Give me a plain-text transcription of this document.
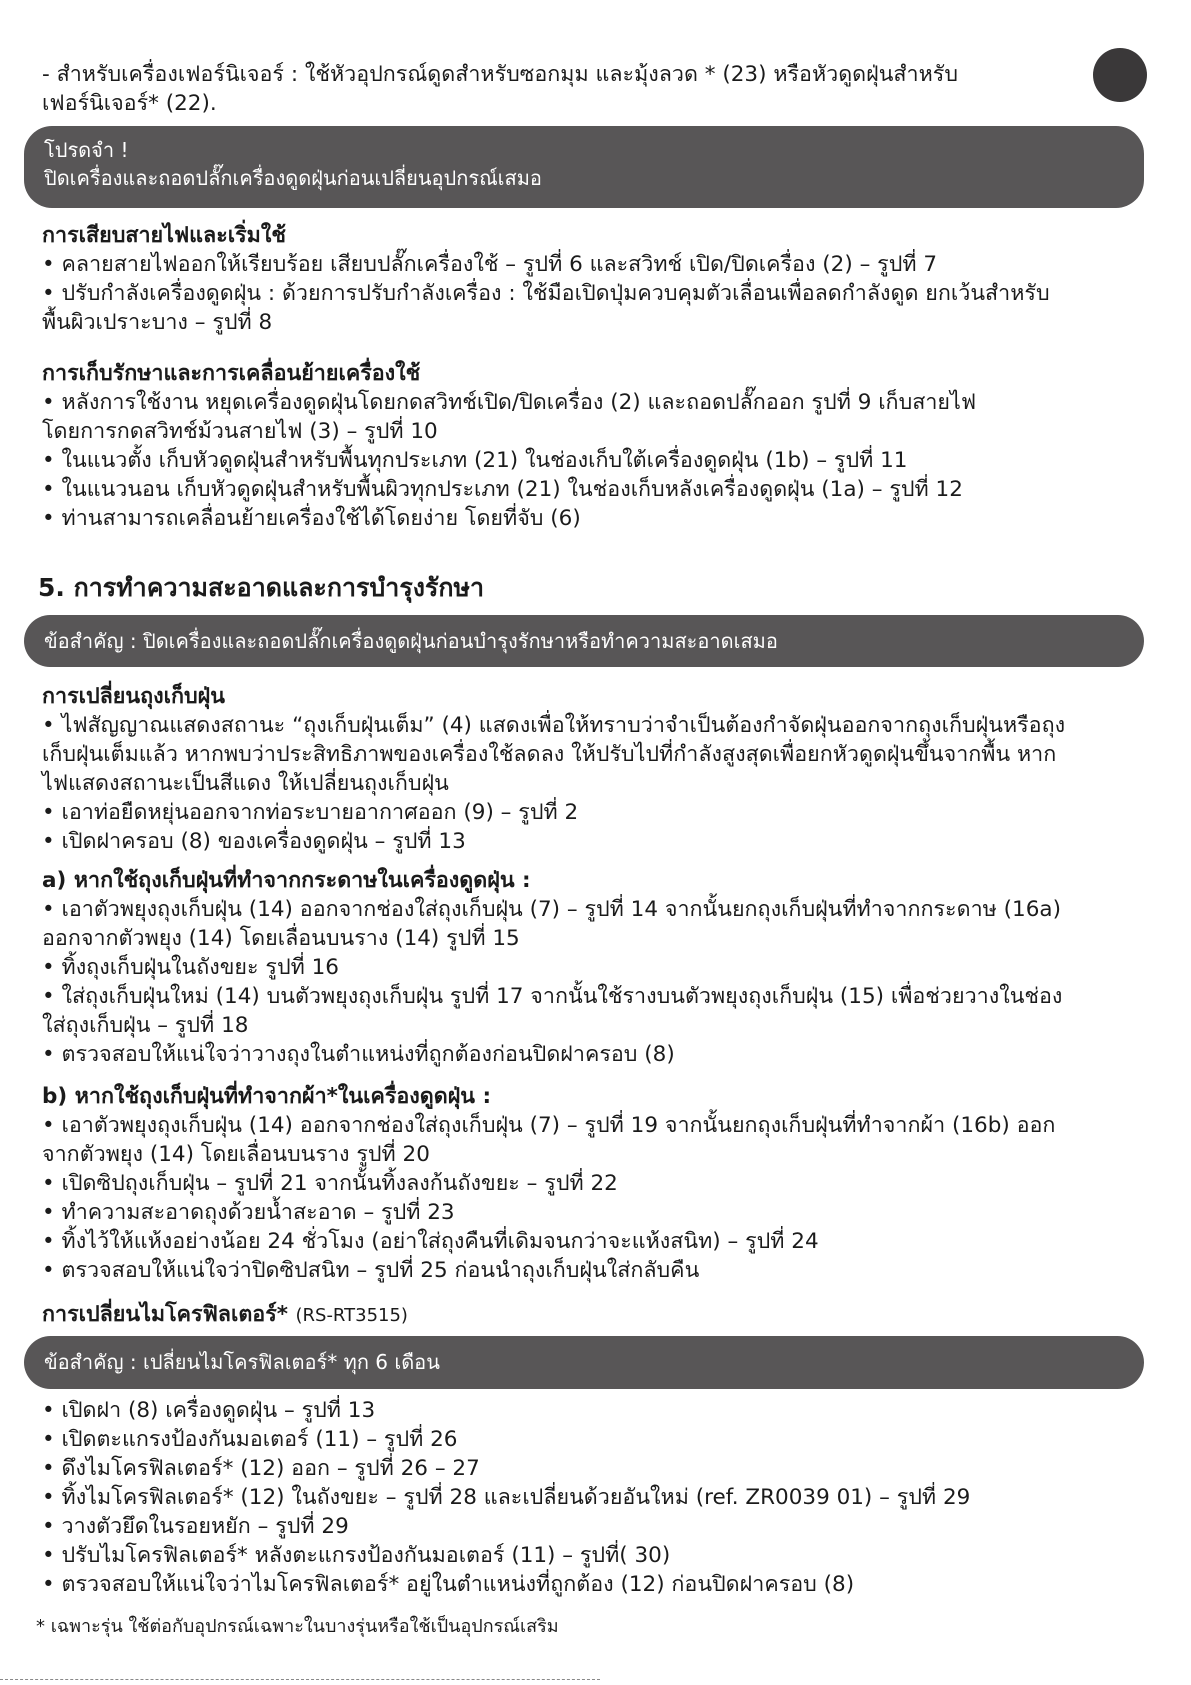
- สำหรับเครื่องเฟอร์นิเจอร์ : ใช้หัวอุปกรณ์ดูดสำหรับซอกมุม และมุ้งลวด * (23) หรือหัวดูดฝุ่นสำหรับ

เฟอร์นิเจอร์* (22).

โปรดจำ !
ปิดเครื่องและถอดปลั๊กเครื่องดูดฝุ่นก่อนเปลี่ยนอุปกรณ์เสมอ

การเสียบสายไฟและเริ่มใช้

• คลายสายไฟออกให้เรียบร้อย เสียบปลั๊กเครื่องใช้ – รูปที่ 6 และสวิทช์ เปิด/ปิดเครื่อง (2) – รูปที่ 7

• ปรับกำลังเครื่องดูดฝุ่น : ด้วยการปรับกำลังเครื่อง : ใช้มือเปิดปุ่มควบคุมตัวเลื่อนเพื่อลดกำลังดูด ยกเว้นสำหรับ

พื้นผิวเปราะบาง – รูปที่ 8

การเก็บรักษาและการเคลื่อนย้ายเครื่องใช้

• หลังการใช้งาน หยุดเครื่องดูดฝุ่นโดยกดสวิทช์เปิด/ปิดเครื่อง (2) และถอดปลั๊กออก รูปที่ 9 เก็บสายไฟ

โดยการกดสวิทช์ม้วนสายไฟ (3) – รูปที่ 10

• ในแนวตั้ง เก็บหัวดูดฝุ่นสำหรับพื้นทุกประเภท (21) ในช่องเก็บใต้เครื่องดูดฝุ่น (1b) – รูปที่ 11

• ในแนวนอน เก็บหัวดูดฝุ่นสำหรับพื้นผิวทุกประเภท (21) ในช่องเก็บหลังเครื่องดูดฝุ่น (1a) – รูปที่ 12

• ท่านสามารถเคลื่อนย้ายเครื่องใช้ได้โดยง่าย โดยที่จับ (6)

5. การทำความสะอาดและการบำรุงรักษา

ข้อสำคัญ : ปิดเครื่องและถอดปลั๊กเครื่องดูดฝุ่นก่อนบำรุงรักษาหรือทำความสะอาดเสมอ

การเปลี่ยนถุงเก็บฝุ่น

• ไฟสัญญาณแสดงสถานะ “ถุงเก็บฝุ่นเต็ม” (4) แสดงเพื่อให้ทราบว่าจำเป็นต้องกำจัดฝุ่นออกจากถุงเก็บฝุ่นหรือถุง

เก็บฝุ่นเต็มแล้ว หากพบว่าประสิทธิภาพของเครื่องใช้ลดลง ให้ปรับไปที่กำลังสูงสุดเพื่อยกหัวดูดฝุ่นขึ้นจากพื้น หาก

ไฟแสดงสถานะเป็นสีแดง ให้เปลี่ยนถุงเก็บฝุ่น

• เอาท่อยืดหยุ่นออกจากท่อระบายอากาศออก (9) – รูปที่ 2

• เปิดฝาครอบ (8) ของเครื่องดูดฝุ่น – รูปที่ 13

a) หากใช้ถุงเก็บฝุ่นที่ทำจากกระดาษในเครื่องดูดฝุ่น :

• เอาตัวพยุงถุงเก็บฝุ่น (14) ออกจากช่องใส่ถุงเก็บฝุ่น (7) – รูปที่ 14 จากนั้นยกถุงเก็บฝุ่นที่ทำจากกระดาษ (16a)

ออกจากตัวพยุง (14) โดยเลื่อนบนราง (14) รูปที่ 15

• ทิ้งถุงเก็บฝุ่นในถังขยะ รูปที่ 16

• ใส่ถุงเก็บฝุ่นใหม่ (14) บนตัวพยุงถุงเก็บฝุ่น รูปที่ 17 จากนั้นใช้รางบนตัวพยุงถุงเก็บฝุ่น (15) เพื่อช่วยวางในช่อง

ใส่ถุงเก็บฝุ่น – รูปที่ 18

• ตรวจสอบให้แน่ใจว่าวางถุงในตำแหน่งที่ถูกต้องก่อนปิดฝาครอบ (8)

b) หากใช้ถุงเก็บฝุ่นที่ทำจากผ้า*ในเครื่องดูดฝุ่น :

• เอาตัวพยุงถุงเก็บฝุ่น (14) ออกจากช่องใส่ถุงเก็บฝุ่น (7) – รูปที่ 19 จากนั้นยกถุงเก็บฝุ่นที่ทำจากผ้า (16b) ออก

จากตัวพยุง (14) โดยเลื่อนบนราง รูปที่ 20

• เปิดซิปถุงเก็บฝุ่น – รูปที่ 21 จากนั้นทิ้งลงก้นถังขยะ – รูปที่ 22

• ทำความสะอาดถุงด้วยน้ำสะอาด – รูปที่ 23

• ทิ้งไว้ให้แห้งอย่างน้อย 24 ชั่วโมง (อย่าใส่ถุงคืนที่เดิมจนกว่าจะแห้งสนิท) – รูปที่ 24

• ตรวจสอบให้แน่ใจว่าปิดซิปสนิท – รูปที่ 25 ก่อนนำถุงเก็บฝุ่นใส่กลับคืน

การเปลี่ยนไมโครฟิลเตอร์* (RS-RT3515)

ข้อสำคัญ : เปลี่ยนไมโครฟิลเตอร์* ทุก 6 เดือน

• เปิดฝา (8) เครื่องดูดฝุ่น – รูปที่ 13

• เปิดตะแกรงป้องกันมอเตอร์ (11) – รูปที่ 26

• ดึงไมโครฟิลเตอร์* (12) ออก – รูปที่ 26 – 27

• ทิ้งไมโครฟิลเตอร์* (12) ในถังขยะ – รูปที่ 28 และเปลี่ยนด้วยอันใหม่ (ref. ZR0039 01) – รูปที่ 29

• วางตัวยึดในรอยหยัก – รูปที่ 29

• ปรับไมโครฟิลเตอร์* หลังตะแกรงป้องกันมอเตอร์ (11) – รูปที่( 30)

• ตรวจสอบให้แน่ใจว่าไมโครฟิลเตอร์* อยู่ในตำแหน่งที่ถูกต้อง (12) ก่อนปิดฝาครอบ (8)

* เฉพาะรุ่น ใช้ต่อกับอุปกรณ์เฉพาะในบางรุ่นหรือใช้เป็นอุปกรณ์เสริม
